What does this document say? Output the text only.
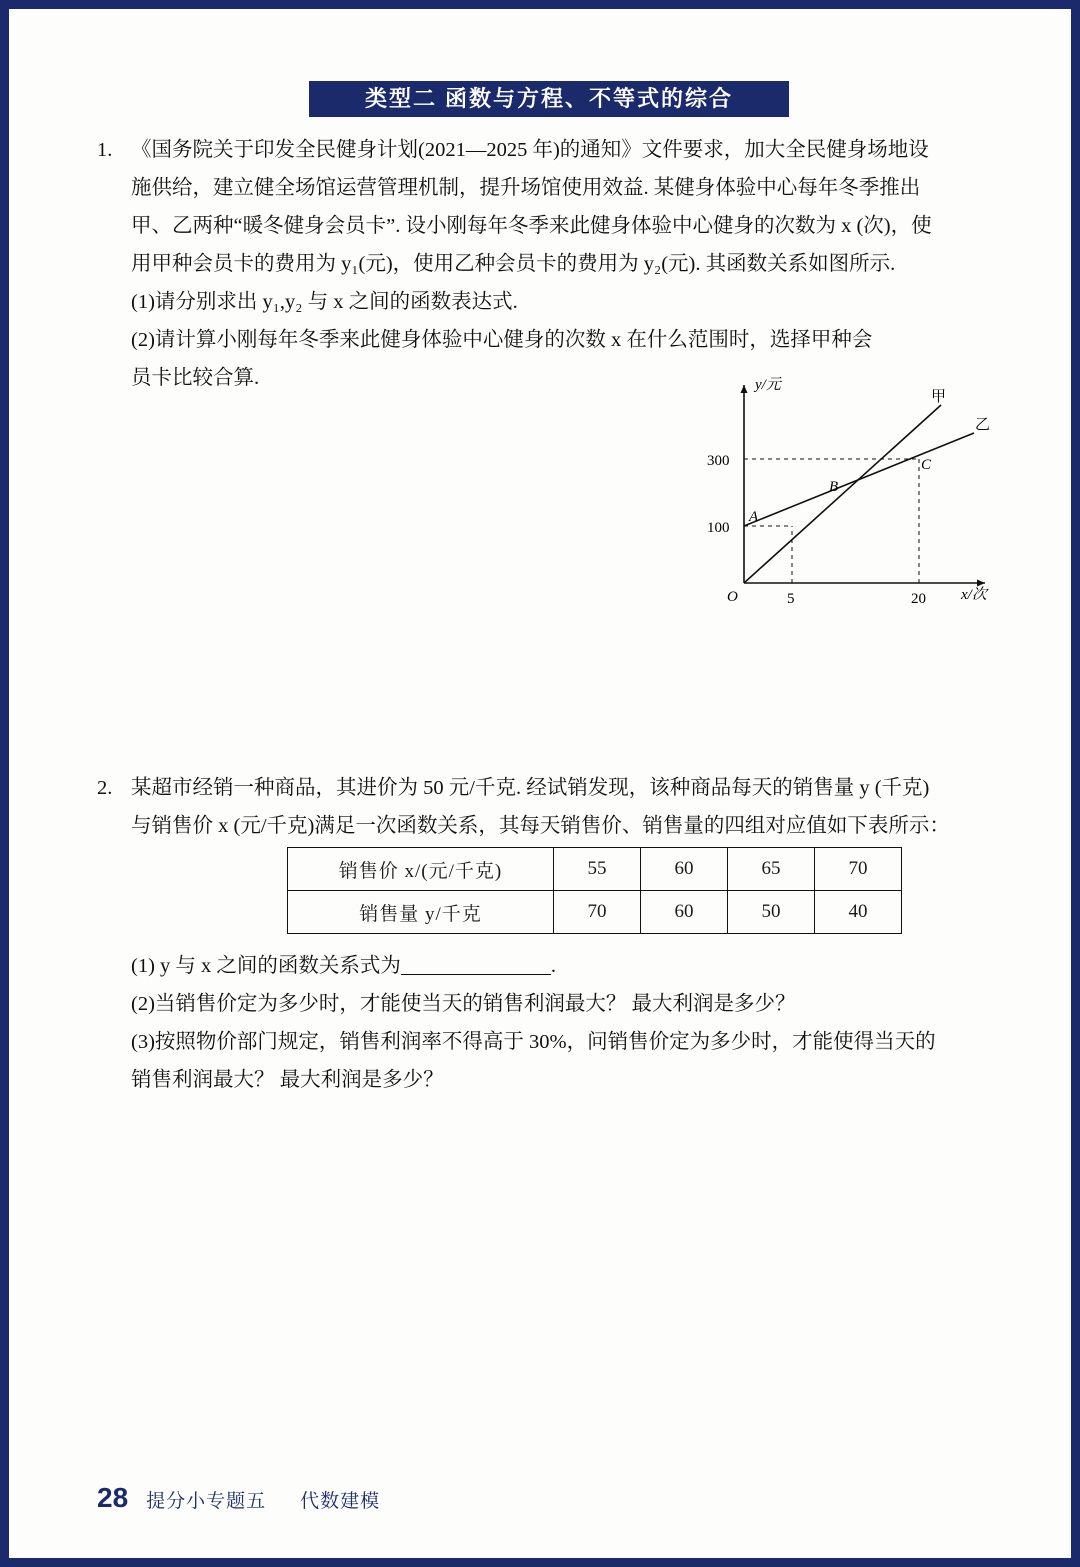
类型二 函数与方程、不等式的综合
1. 《国务院关于印发全民健身计划(2021—2025 年)的通知》文件要求，加大全民健身场地设
施供给，建立健全场馆运营管理机制，提升场馆使用效益. 某健身体验中心每年冬季推出
甲、乙两种“暖冬健身会员卡”. 设小刚每年冬季来此健身体验中心健身的次数为 x (次)，使
用甲种会员卡的费用为 y₁(元)，使用乙种会员卡的费用为 y₂(元). 其函数关系如图所示.
(1)请分别求出 y₁,y₂ 与 x 之间的函数表达式.
(2)请计算小刚每年冬季来此健身体验中心健身的次数 x 在什么范围时，选择甲种会
员卡比较合算.	y/元
x/次
O
300
100
5	20
甲
乙
A
B
C
2. 某超市经销一种商品，其进价为 50 元/千克. 经试销发现，该种商品每天的销售量 y (千克)
与销售价 x (元/千克)满足一次函数关系，其每天销售价、销售量的四组对应值如下表所示：
销售价 x/(元/千克)	55	60	65	70
销售量 y/千克	70	60	50	40
(1) y 与 x 之间的函数关系式为	.
(2)当销售价定为多少时，才能使当天的销售利润最大？ 最大利润是多少？
(3)按照物价部门规定，销售利润率不得高于 30%，问销售价定为多少时，才能使得当天的
销售利润最大？ 最大利润是多少？
28 提分小专题五 代数建模
